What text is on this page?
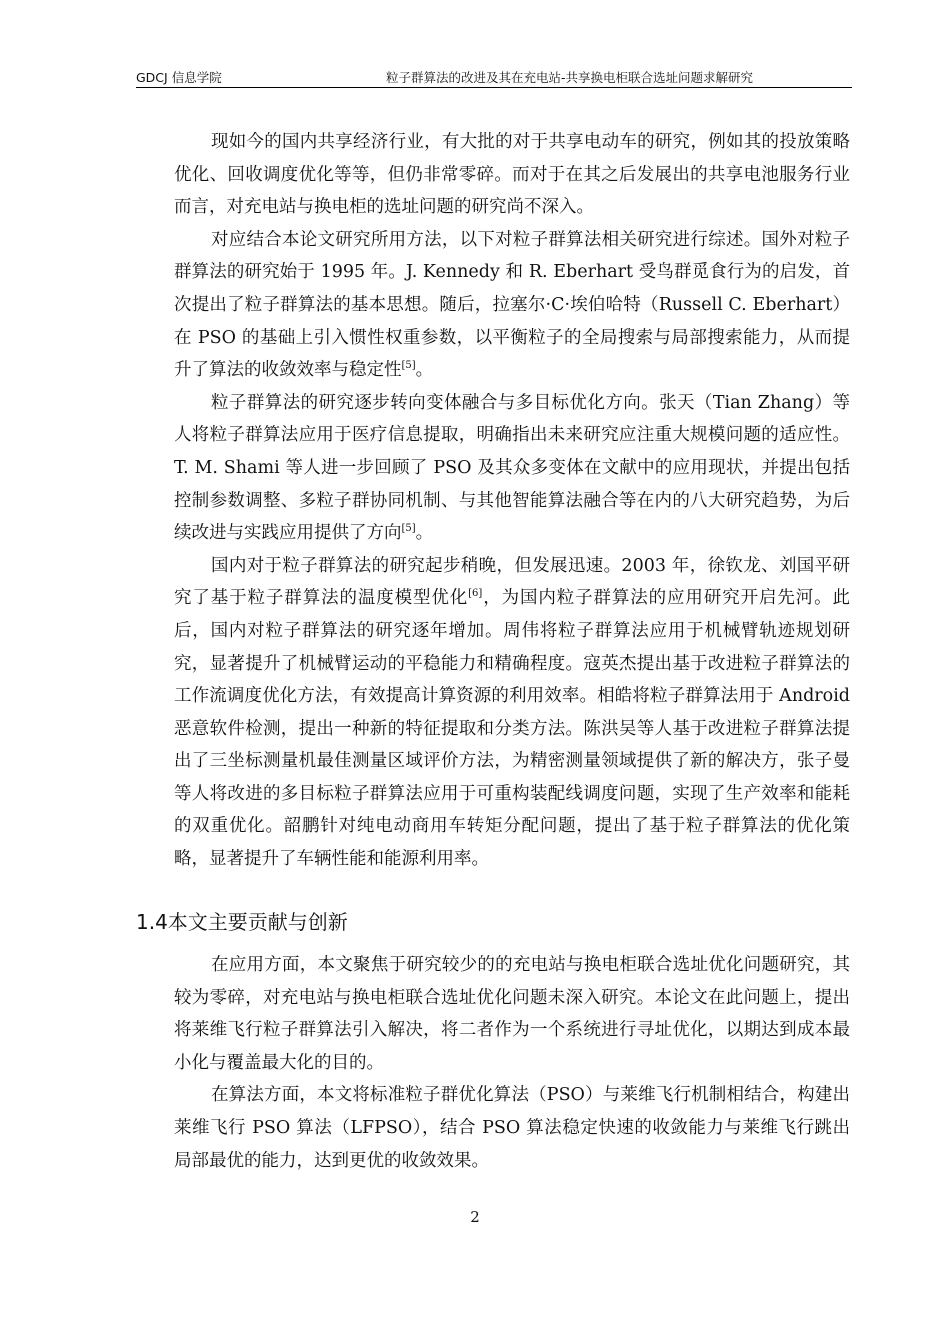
GDCJ 信息学院	粒子群算法的改进及其在充电站-共享换电柜联合选址问题求解研究

现如今的国内共享经济行业，有大批的对于共享电动车的研究，例如其的投放策略优化、回收调度优化等等，但仍非常零碎。而对于在其之后发展出的共享电池服务行业而言，对充电站与换电柜的选址问题的研究尚不深入。

对应结合本论文研究所用方法，以下对粒子群算法相关研究进行综述。国外对粒子群算法的研究始于 1995 年。J. Kennedy 和 R. Eberhart 受鸟群觅食行为的启发，首次提出了粒子群算法的基本思想。随后，拉塞尔·C·埃伯哈特（Russell C. Eberhart）在 PSO 的基础上引入惯性权重参数，以平衡粒子的全局搜索与局部搜索能力，从而提升了算法的收敛效率与稳定性[5]。

粒子群算法的研究逐步转向变体融合与多目标优化方向。张天（Tian Zhang）等人将粒子群算法应用于医疗信息提取，明确指出未来研究应注重大规模问题的适应性。T. M. Shami 等人进一步回顾了 PSO 及其众多变体在文献中的应用现状，并提出包括控制参数调整、多粒子群协同机制、与其他智能算法融合等在内的八大研究趋势，为后续改进与实践应用提供了方向[5]。

国内对于粒子群算法的研究起步稍晚，但发展迅速。2003 年，徐钦龙、刘国平研究了基于粒子群算法的温度模型优化[6]，为国内粒子群算法的应用研究开启先河。此后，国内对粒子群算法的研究逐年增加。周伟将粒子群算法应用于机械臂轨迹规划研究，显著提升了机械臂运动的平稳能力和精确程度。寇英杰提出基于改进粒子群算法的工作流调度优化方法，有效提高计算资源的利用效率。相皓将粒子群算法用于 Android 恶意软件检测，提出一种新的特征提取和分类方法。陈洪吴等人基于改进粒子群算法提出了三坐标测量机最佳测量区域评价方法，为精密测量领域提供了新的解决方，张子曼等人将改进的多目标粒子群算法应用于可重构装配线调度问题，实现了生产效率和能耗的双重优化。韶鹏针对纯电动商用车转矩分配问题，提出了基于粒子群算法的优化策略，显著提升了车辆性能和能源利用率。

1.4本文主要贡献与创新

在应用方面，本文聚焦于研究较少的的充电站与换电柜联合选址优化问题研究，其较为零碎，对充电站与换电柜联合选址优化问题未深入研究。本论文在此问题上，提出将莱维飞行粒子群算法引入解决，将二者作为一个系统进行寻址优化，以期达到成本最小化与覆盖最大化的目的。

在算法方面，本文将标准粒子群优化算法（PSO）与莱维飞行机制相结合，构建出莱维飞行 PSO 算法（LFPSO），结合 PSO 算法稳定快速的收敛能力与莱维飞行跳出局部最优的能力，达到更优的收敛效果。

2
